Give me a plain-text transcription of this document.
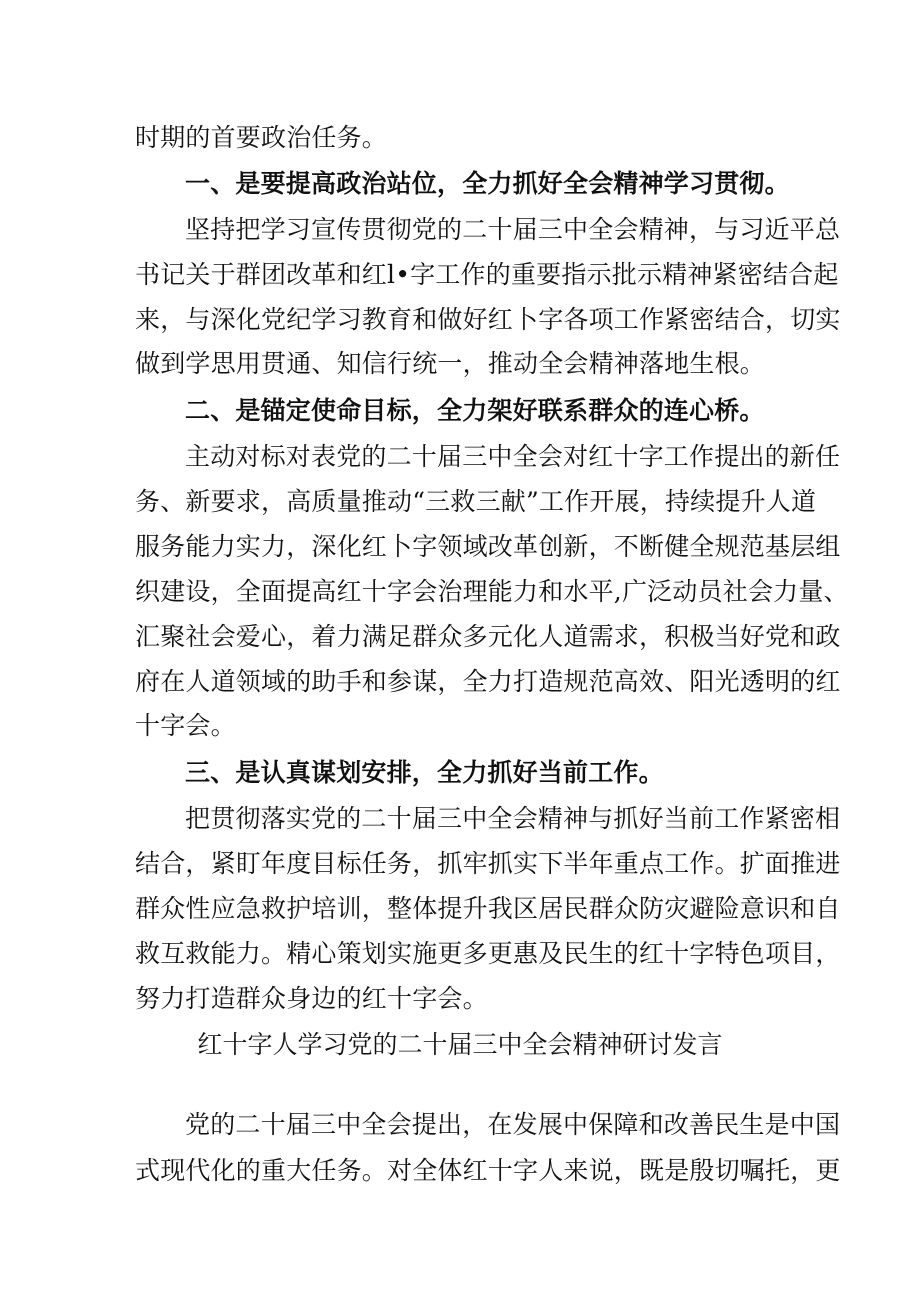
时期的首要政治任务。
一、是要提高政治站位，全力抓好全会精神学习贯彻。
坚持把学习宣传贯彻党的二十届三中全会精神，与习近平总
书记关于群团改革和红l•字工作的重要指示批示精神紧密结合起
来，与深化党纪学习教育和做好红卜字各项工作紧密结合，切实
做到学思用贯通、知信行统一，推动全会精神落地生根。
二、是锚定使命目标，全力架好联系群众的连心桥。
主动对标对表党的二十届三中全会对红十字工作提出的新任
务、新要求，高质量推动“三救三献”工作开展，持续提升人道
服务能力实力，深化红卜字领域改革创新，不断健全规范基层组
织建设，全面提高红十字会治理能力和水平,广泛动员社会力量、
汇聚社会爱心，着力满足群众多元化人道需求，积极当好党和政
府在人道领域的助手和参谋，全力打造规范高效、阳光透明的红
十字会。
三、是认真谋划安排，全力抓好当前工作。
把贯彻落实党的二十届三中全会精神与抓好当前工作紧密相
结合，紧盯年度目标任务，抓牢抓实下半年重点工作。扩面推进
群众性应急救护培训，整体提升我区居民群众防灾避险意识和自
救互救能力。精心策划实施更多更惠及民生的红十字特色项目，
努力打造群众身边的红十字会。
红十字人学习党的二十届三中全会精神研讨发言
党的二十届三中全会提出，在发展中保障和改善民生是中国
式现代化的重大任务。对全体红十字人来说，既是殷切嘱托，更
